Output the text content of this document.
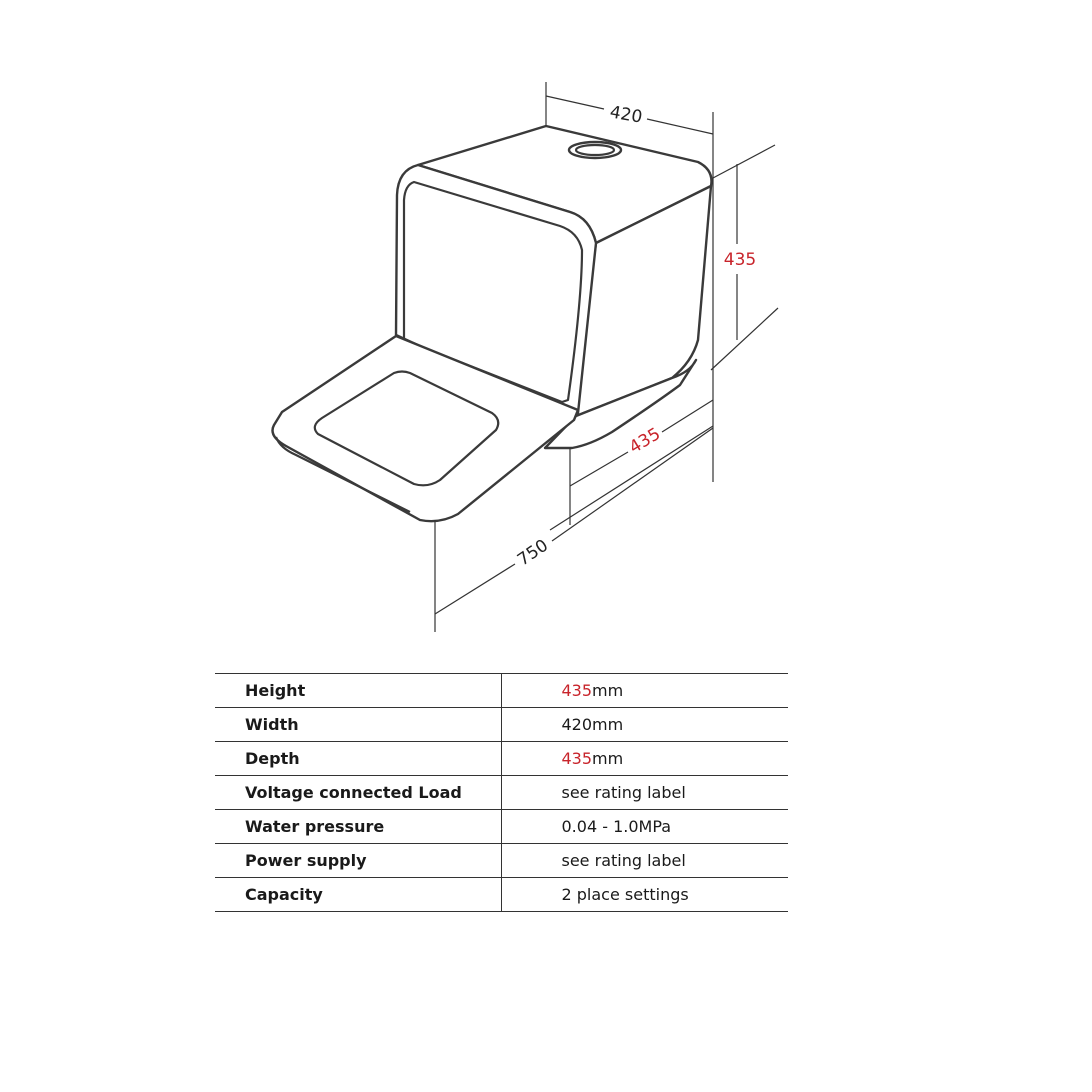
420
435
435
750
Height	435mm
Width	420mm
Depth	435mm
Voltage connected Load	see rating label
Water pressure	0.04 - 1.0MPa
Power supply	see rating label
Capacity	2 place settings
